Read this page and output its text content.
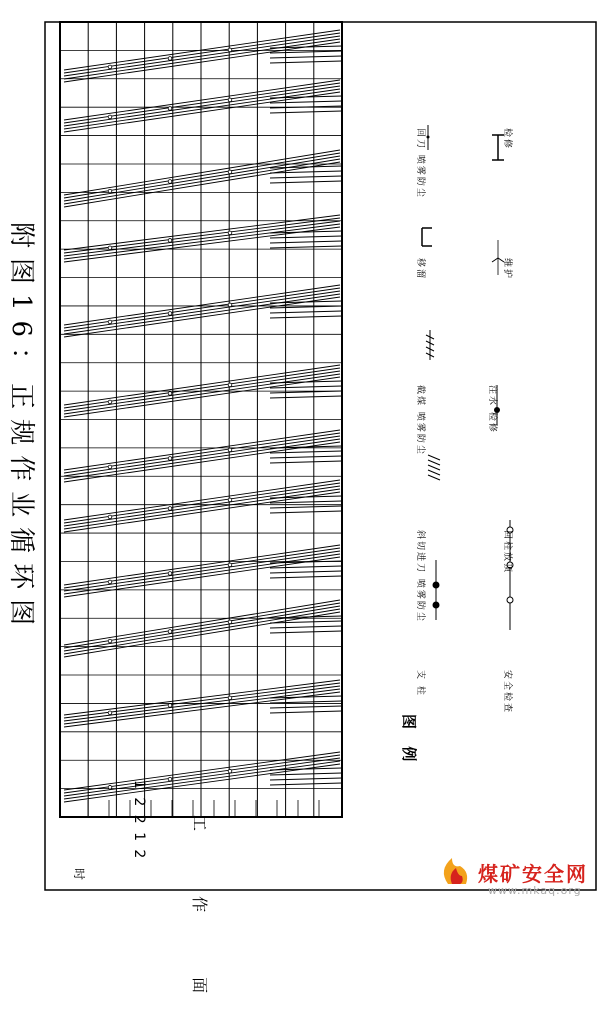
附图16：正规作业循环图
时
1 2 2 1 2	工 作 面
图 例
支 柱
斜切进刀 喷雾防尘
截煤 喷雾防尘
移溜
回刀 喷雾防尘
安全检查
回柱放顶
注水 检修
维护
检修
煤矿安全网
www.mkaq.org
